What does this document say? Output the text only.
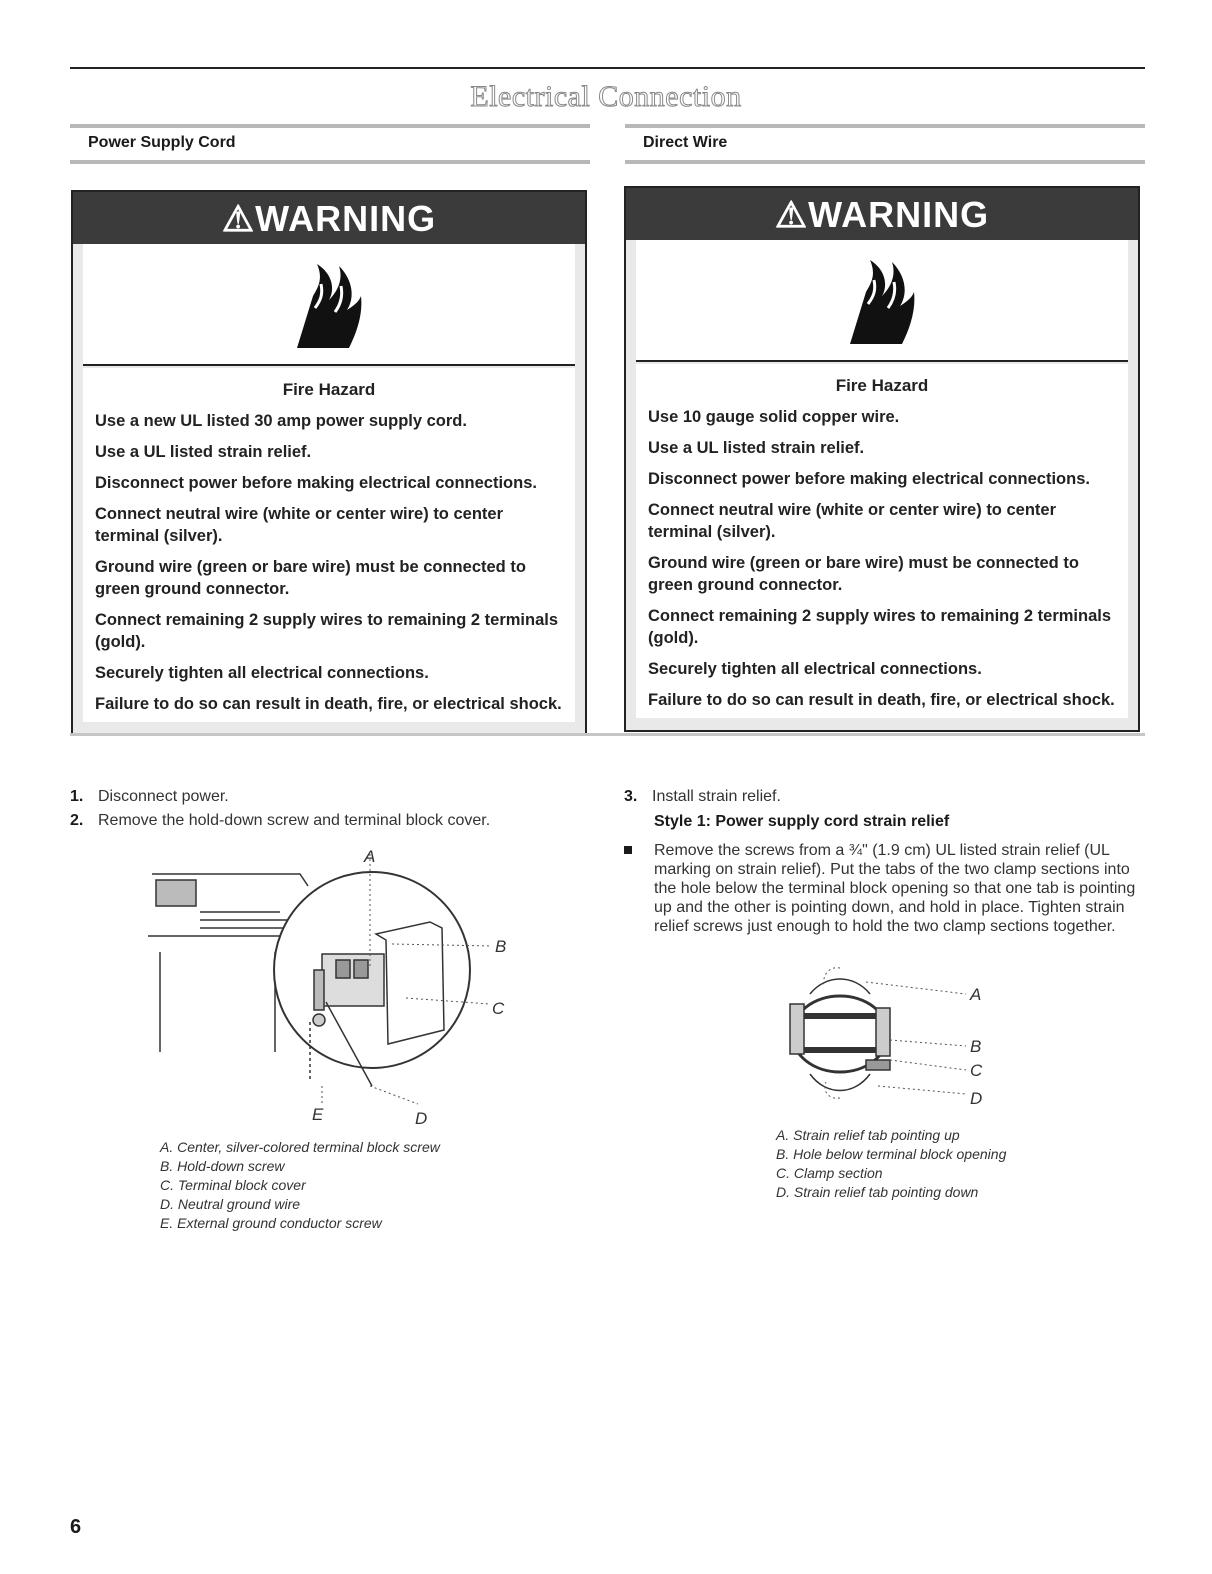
Electrical Connection
Power Supply Cord	Direct Wire
⚠WARNING
Fire Hazard

Use a new UL listed 30 amp power supply cord.

Use a UL listed strain relief.

Disconnect power before making electrical connections.

Connect neutral wire (white or center wire) to center terminal (silver).

Ground wire (green or bare wire) must be connected to green ground connector.

Connect remaining 2 supply wires to remaining 2 terminals (gold).

Securely tighten all electrical connections.

Failure to do so can result in death, fire, or electrical shock.

⚠WARNING
Fire Hazard

Use 10 gauge solid copper wire.

Use a UL listed strain relief.

Disconnect power before making electrical connections.

Connect neutral wire (white or center wire) to center terminal (silver).

Ground wire (green or bare wire) must be connected to green ground connector.

Connect remaining 2 supply wires to remaining 2 terminals (gold).

Securely tighten all electrical connections.

Failure to do so can result in death, fire, or electrical shock.

1. Disconnect power.
2. Remove the hold-down screw and terminal block cover.
A
B
C
D
E
A. Center, silver-colored terminal block screw
B. Hold-down screw
C. Terminal block cover
D. Neutral ground wire
E. External ground conductor screw
3. Install strain relief.
Style 1: Power supply cord strain relief
Remove the screws from a ¾" (1.9 cm) UL listed strain relief (UL marking on strain relief). Put the tabs of the two clamp sections into the hole below the terminal block opening so that one tab is pointing up and the other is pointing down, and hold in place. Tighten strain relief screws just enough to hold the two clamp sections together.
A
B
C
D
A. Strain relief tab pointing up
B. Hole below terminal block opening
C. Clamp section
D. Strain relief tab pointing down
6
